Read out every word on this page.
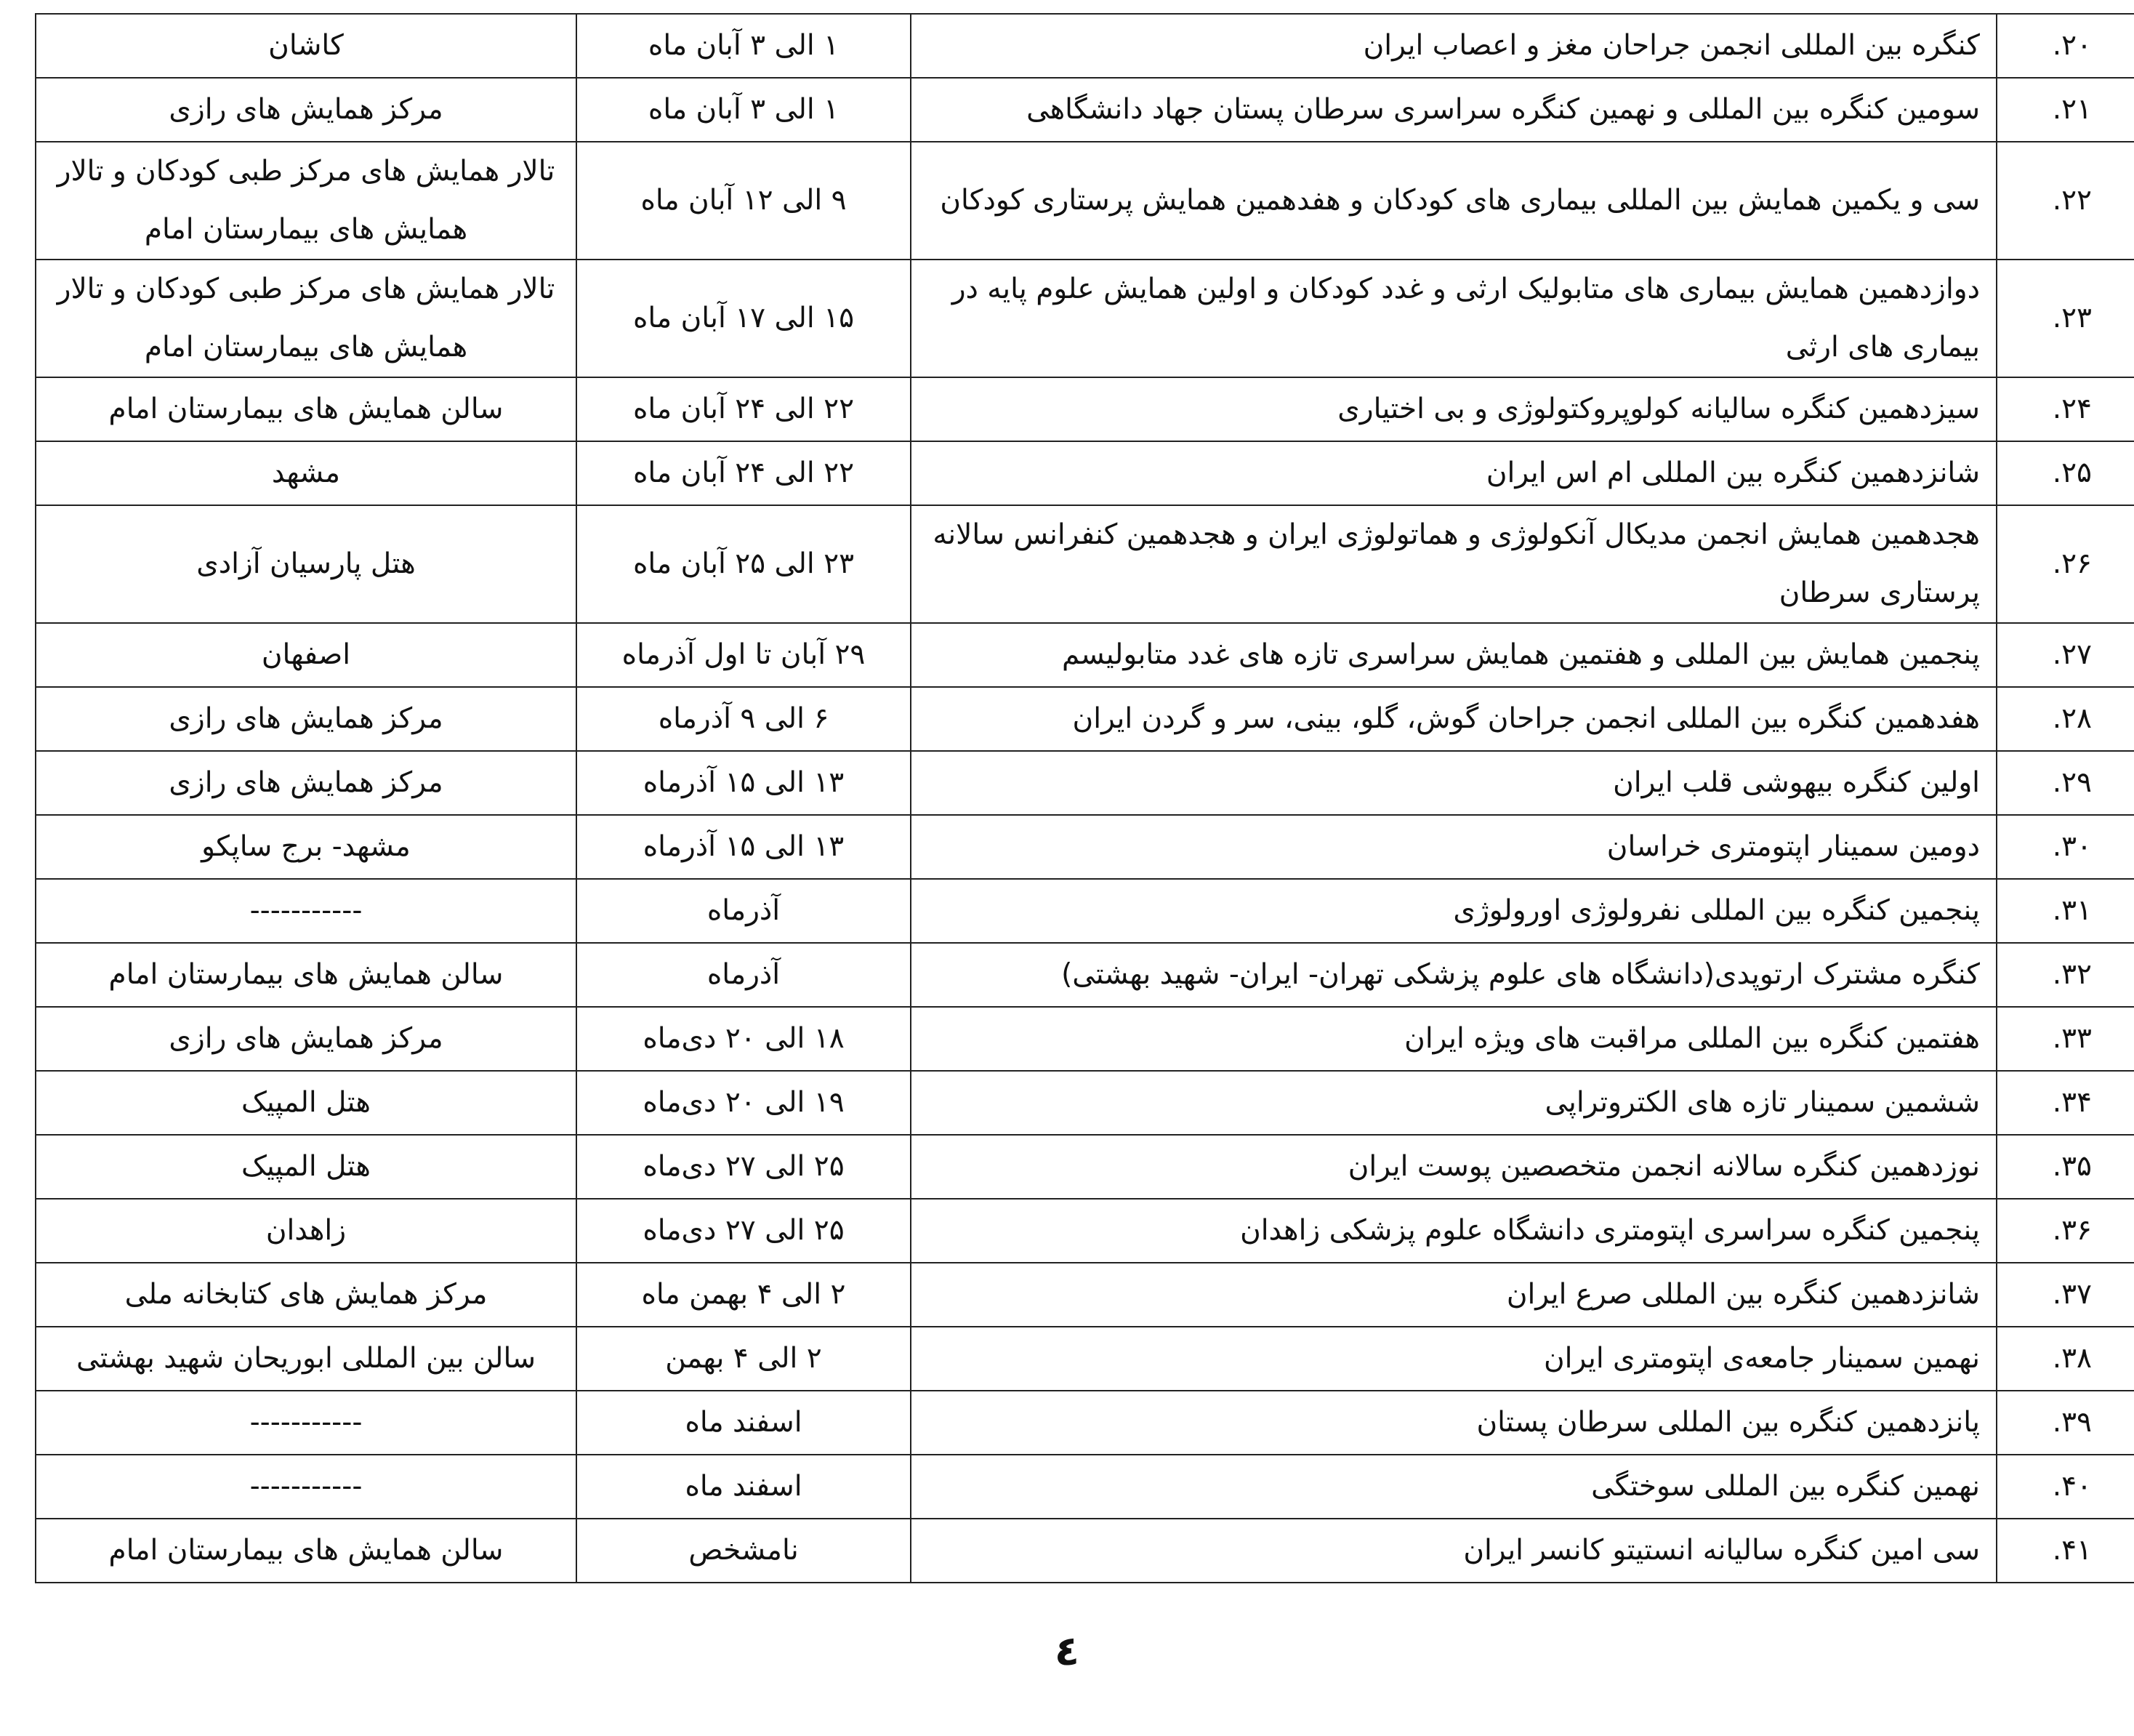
۲۰.	کنگره بین المللی انجمن جراحان مغز و اعصاب ایران	۱ الی ۳ آبان ماه	کاشان
۲۱.	سومین کنگره بین المللی و نهمین کنگره سراسری سرطان پستان جهاد دانشگاهی	۱ الی ۳ آبان ماه	مرکز همایش های رازی
۲۲.	سی و یکمین همایش بین المللی بیماری های کودکان و هفدهمین همایش پرستاری کودکان	۹ الی ۱۲ آبان ماه	تالار همایش های مرکز طبی کودکان و تالار همایش های بیمارستان امام
۲۳.	دوازدهمین همایش بیماری های متابولیک ارثی و غدد کودکان و اولین همایش علوم پایه در بیماری های ارثی	۱۵ الی ۱۷ آبان ماه	تالار همایش های مرکز طبی کودکان و تالار همایش های بیمارستان امام
۲۴.	سیزدهمین کنگره سالیانه کولوپروکتولوژی و بی اختیاری	۲۲ الی ۲۴ آبان ماه	سالن همایش های بیمارستان امام
۲۵.	شانزدهمین کنگره بین المللی ام اس ایران	۲۲ الی ۲۴ آبان ماه	مشهد
۲۶.	هجدهمین همایش انجمن مدیکال آنکولوژی و هماتولوژی ایران و هجدهمین کنفرانس سالانه پرستاری سرطان	۲۳ الی ۲۵ آبان ماه	هتل پارسیان آزادی
۲۷.	پنجمین همایش بین المللی و هفتمین همایش سراسری تازه های غدد متابولیسم	۲۹ آبان تا اول آذرماه	اصفهان
۲۸.	هفدهمین کنگره بین المللی انجمن جراحان گوش، گلو، بینی، سر و گردن ایران	۶ الی ۹ آذرماه	مرکز همایش های رازی
۲۹.	اولین کنگره بیهوشی قلب ایران	۱۳ الی ۱۵ آذرماه	مرکز همایش های رازی
۳۰.	دومین سمینار اپتومتری خراسان	۱۳ الی ۱۵ آذرماه	مشهد- برج ساپکو
۳۱.	پنجمین کنگره بین المللی نفرولوژی اورولوژی	آذرماه	-----------
۳۲.	کنگره مشترک ارتوپدی(دانشگاه های علوم پزشکی تهران- ایران- شهید بهشتی)	آذرماه	سالن همایش های بیمارستان امام
۳۳.	هفتمین کنگره بین المللی مراقبت های ویژه ایران	۱۸ الی ۲۰ دی‌ماه	مرکز همایش های رازی
۳۴.	ششمین سمینار تازه های الکتروتراپی	۱۹ الی ۲۰ دی‌ماه	هتل المپیک
۳۵.	نوزدهمین کنگره سالانه انجمن متخصصین پوست ایران	۲۵ الی ۲۷ دی‌ماه	هتل المپیک
۳۶.	پنجمین کنگره سراسری اپتومتری دانشگاه علوم پزشکی زاهدان	۲۵ الی ۲۷ دی‌ماه	زاهدان
۳۷.	شانزدهمین کنگره بین المللی صرع ایران	۲ الی ۴ بهمن ماه	مرکز همایش های کتابخانه ملی
۳۸.	نهمین سمینار جامعه‌ی اپتومتری ایران	۲ الی ۴ بهمن	سالن بین المللی ابوریحان شهید بهشتی
۳۹.	پانزدهمین کنگره بین المللی سرطان پستان	اسفند ماه	-----------
۴۰.	نهمین کنگره بین المللی سوختگی	اسفند ماه	-----------
۴۱.	سی امین کنگره سالیانه انستیتو کانسر ایران	نامشخص	سالن همایش های بیمارستان امام
٤
